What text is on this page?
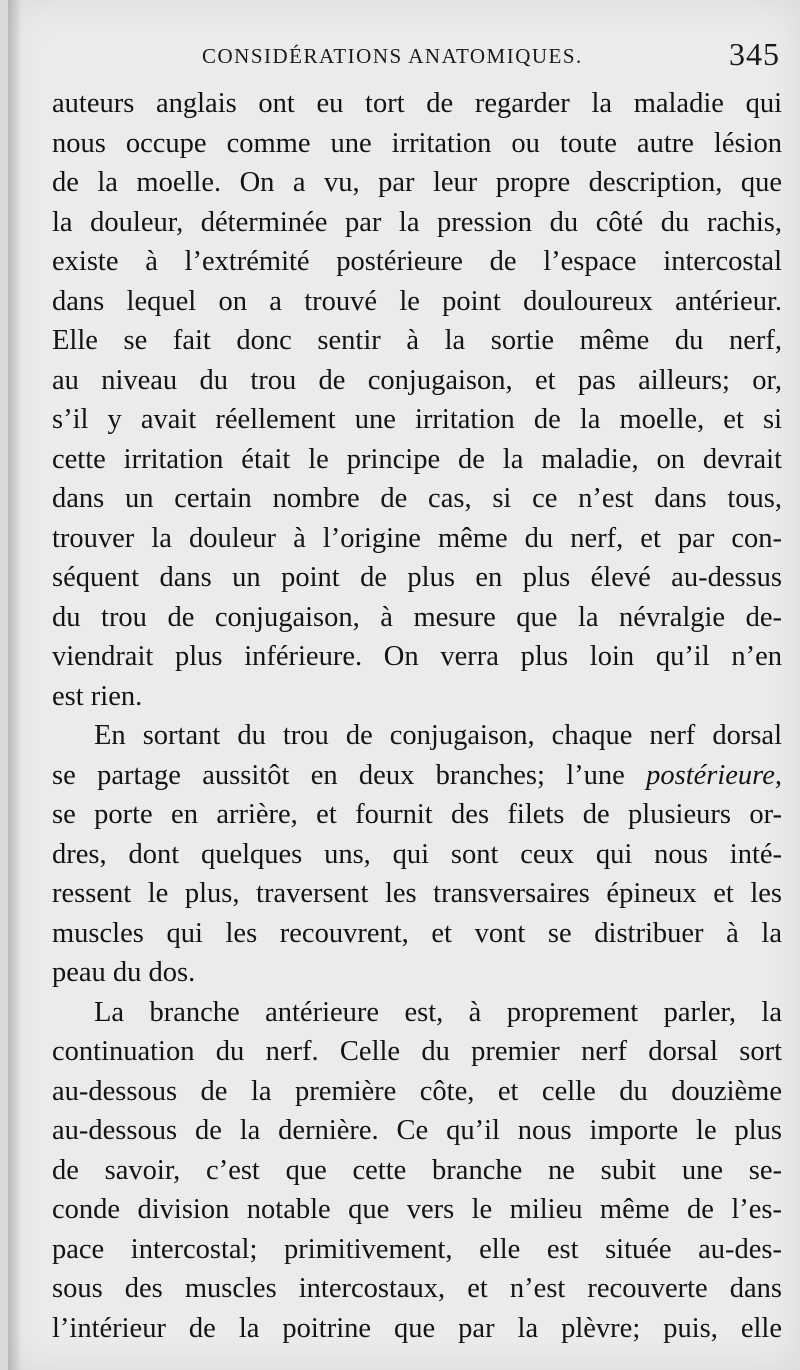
CONSIDÉRATIONS ANATOMIQUES.	345
auteurs anglais ont eu tort de regarder la maladie qui
nous occupe comme une irritation ou toute autre lésion
de la moelle. On a vu, par leur propre description, que
la douleur, déterminée par la pression du côté du rachis,
existe à l’extrémité postérieure de l’espace intercostal
dans lequel on a trouvé le point douloureux antérieur.
Elle se fait donc sentir à la sortie même du nerf,
au niveau du trou de conjugaison, et pas ailleurs; or,
s’il y avait réellement une irritation de la moelle, et si
cette irritation était le principe de la maladie, on devrait
dans un certain nombre de cas, si ce n’est dans tous,
trouver la douleur à l’origine même du nerf, et par con-
séquent dans un point de plus en plus élevé au-dessus
du trou de conjugaison, à mesure que la névralgie de-
viendrait plus inférieure. On verra plus loin qu’il n’en
est rien.
En sortant du trou de conjugaison, chaque nerf dorsal
se partage aussitôt en deux branches; l’une postérieure,
se porte en arrière, et fournit des filets de plusieurs or-
dres, dont quelques uns, qui sont ceux qui nous inté-
ressent le plus, traversent les transversaires épineux et les
muscles qui les recouvrent, et vont se distribuer à la
peau du dos.
La branche antérieure est, à proprement parler, la
continuation du nerf. Celle du premier nerf dorsal sort
au-dessous de la première côte, et celle du douzième
au-dessous de la dernière. Ce qu’il nous importe le plus
de savoir, c’est que cette branche ne subit une se-
conde division notable que vers le milieu même de l’es-
pace intercostal; primitivement, elle est située au-des-
sous des muscles intercostaux, et n’est recouverte dans
l’intérieur de la poitrine que par la plèvre; puis, elle
